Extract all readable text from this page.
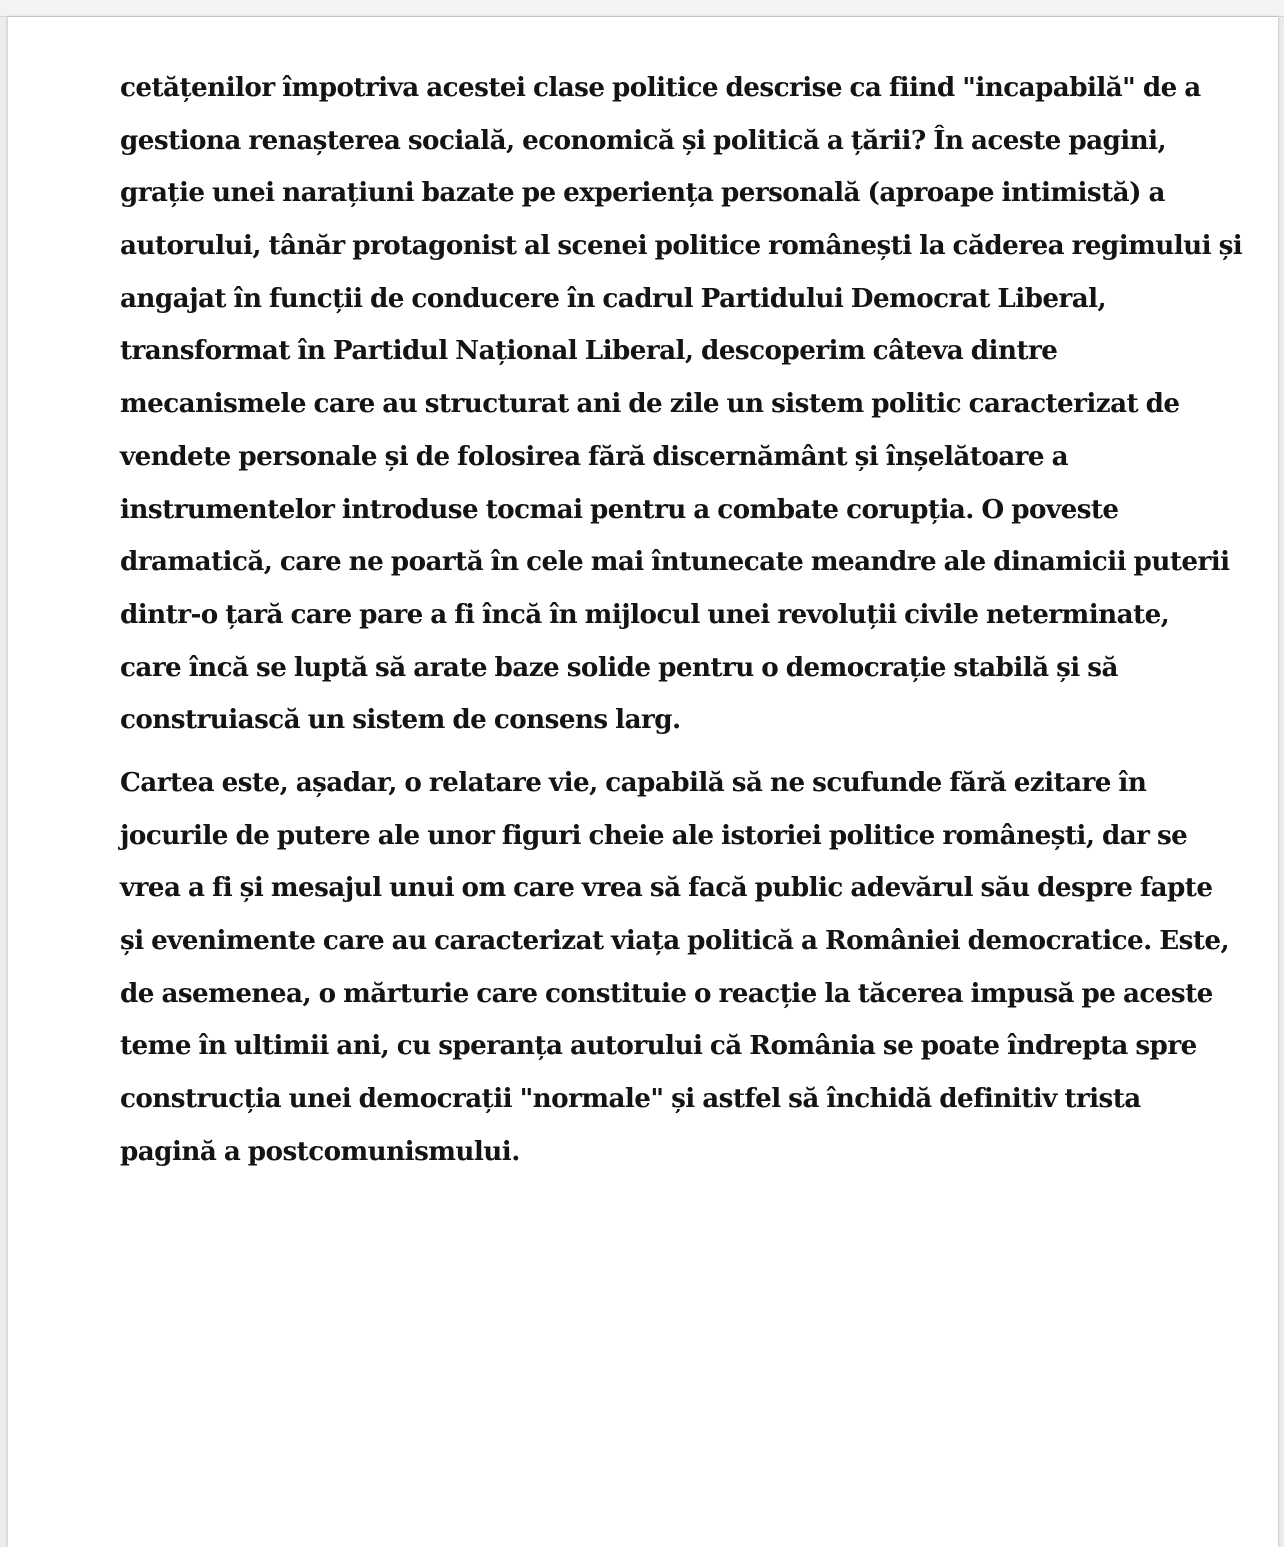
cetățenilor împotriva acestei clase politice descrise ca fiind "incapabilă" de a
gestiona renașterea socială, economică și politică a țării? În aceste pagini,
grație unei narațiuni bazate pe experiența personală (aproape intimistă) a
autorului, tânăr protagonist al scenei politice românești la căderea regimului și
angajat în funcții de conducere în cadrul Partidului Democrat Liberal,
transformat în Partidul Național Liberal, descoperim câteva dintre
mecanismele care au structurat ani de zile un sistem politic caracterizat de
vendete personale și de folosirea fără discernământ și înșelătoare a
instrumentelor introduse tocmai pentru a combate corupția. O poveste
dramatică, care ne poartă în cele mai întunecate meandre ale dinamicii puterii
dintr-o țară care pare a fi încă în mijlocul unei revoluții civile neterminate,
care încă se luptă să arate baze solide pentru o democrație stabilă și să
construiască un sistem de consens larg.
Cartea este, așadar, o relatare vie, capabilă să ne scufunde fără ezitare în
jocurile de putere ale unor figuri cheie ale istoriei politice românești, dar se
vrea a fi și mesajul unui om care vrea să facă public adevărul său despre fapte
și evenimente care au caracterizat viața politică a României democratice. Este,
de asemenea, o mărturie care constituie o reacție la tăcerea impusă pe aceste
teme în ultimii ani, cu speranța autorului că România se poate îndrepta spre
construcția unei democrații "normale" și astfel să închidă definitiv trista
pagină a postcomunismului.
